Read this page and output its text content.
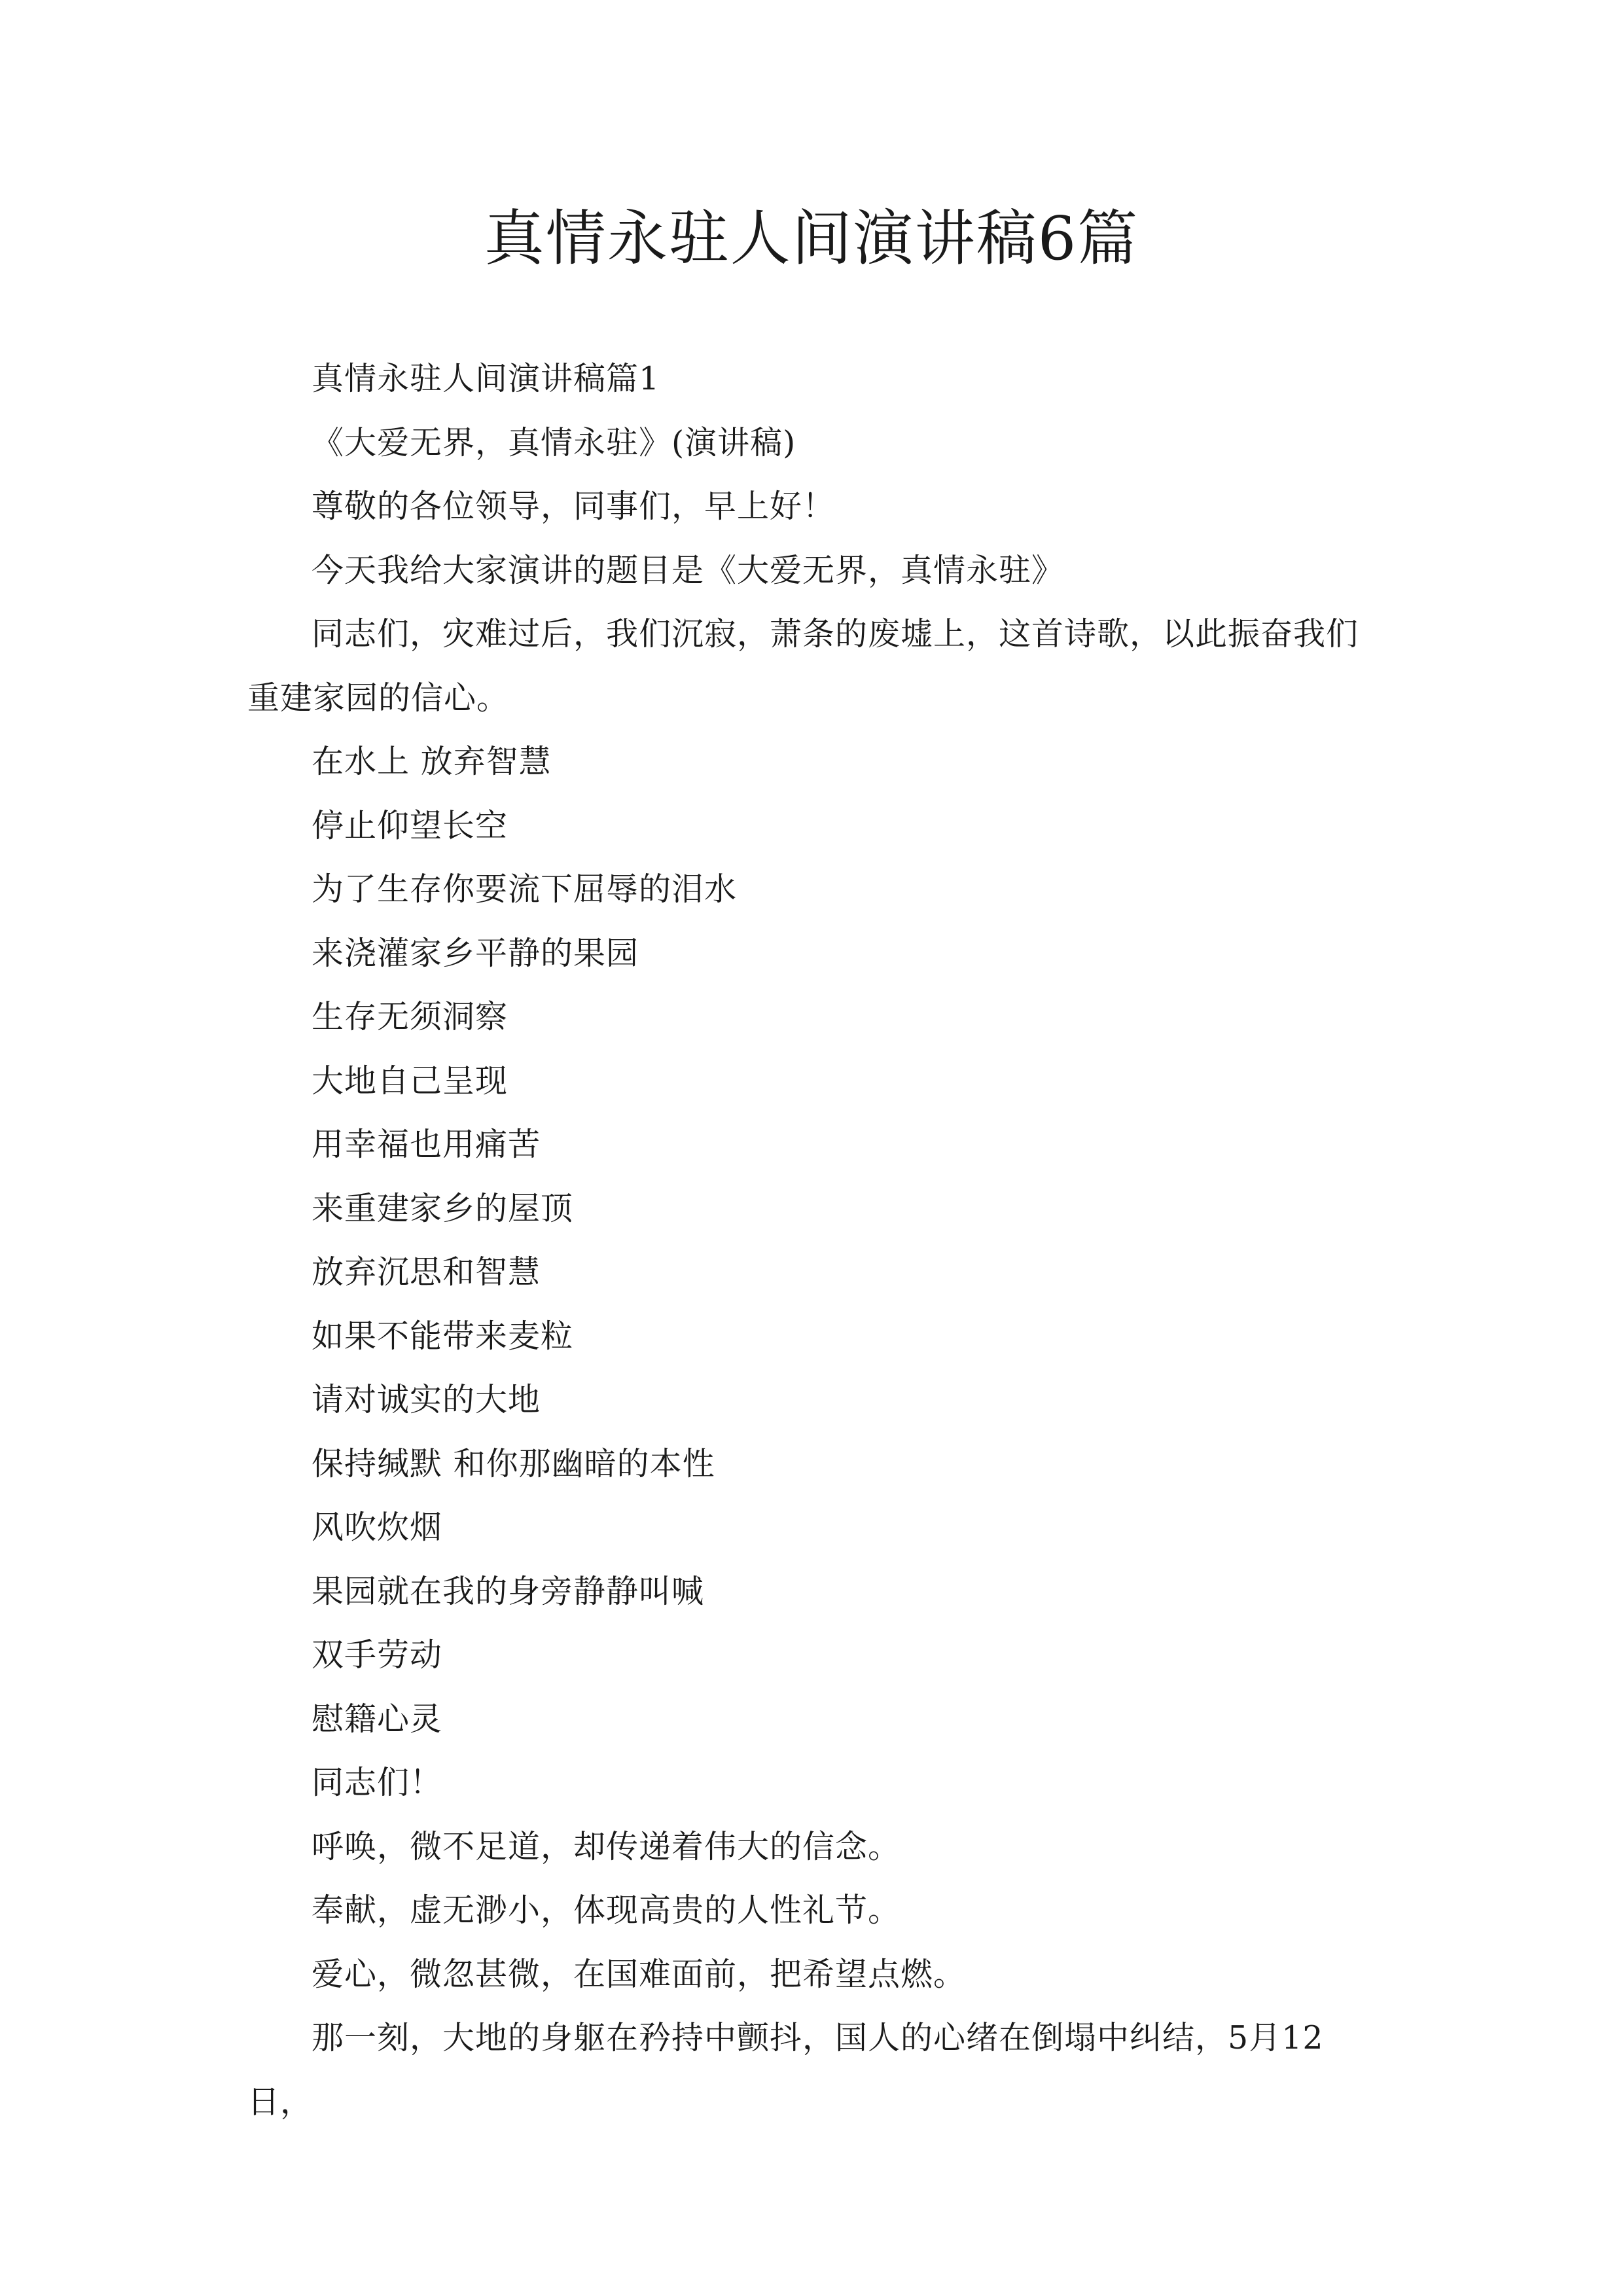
真情永驻人间演讲稿6篇

真情永驻人间演讲稿篇1

《大爱无界，真情永驻》(演讲稿)

尊敬的各位领导，同事们，早上好！

今天我给大家演讲的题目是《大爱无界，真情永驻》

同志们，灾难过后，我们沉寂，萧条的废墟上，这首诗歌，以此振奋我们重建家园的信心。

在水上 放弃智慧

停止仰望长空

为了生存你要流下屈辱的泪水

来浇灌家乡平静的果园

生存无须洞察

大地自己呈现

用幸福也用痛苦

来重建家乡的屋顶

放弃沉思和智慧

如果不能带来麦粒

请对诚实的大地

保持缄默 和你那幽暗的本性

风吹炊烟

果园就在我的身旁静静叫喊

双手劳动

慰籍心灵

同志们！

呼唤，微不足道，却传递着伟大的信念。

奉献，虚无渺小，体现高贵的人性礼节。

爱心，微忽甚微，在国难面前，把希望点燃。

那一刻，大地的身躯在矜持中颤抖，国人的心绪在倒塌中纠结，5月12日，
